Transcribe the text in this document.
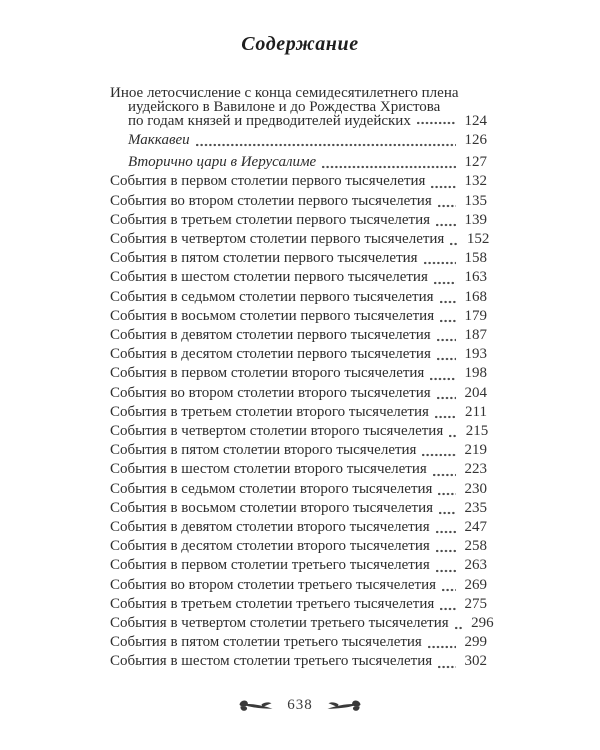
Содержание
Иное летосчисление с конца семидесятилетнего плена
иудейского в Вавилоне и до Рождества Христова
по годам князей и предводителей иудейских	124
Маккавеи	126
Вторично цари в Иерусалиме	127
События в первом столетии первого тысячелетия	132
События во втором столетии первого тысячелетия 135
События в третьем столетии первого тысячелетия 139
События в четвертом столетии первого тысячелетия 152
События в пятом столетии первого тысячелетия	158
События в шестом столетии первого тысячелетия 163
События в седьмом столетии первого тысячелетия 168
События в восьмом столетии первого тысячелетия 179
События в девятом столетии первого тысячелетия 187
События в десятом столетии первого тысячелетия 193
События в первом столетии второго тысячелетия	198
События во втором столетии второго тысячелетия 204
События в третьем столетии второго тысячелетия 211
События в четвертом столетии второго тысячелетия 215
События в пятом столетии второго тысячелетия	219
События в шестом столетии второго тысячелетия	223
События в седьмом столетии второго тысячелетия 230
События в восьмом столетии второго тысячелетия 235
События в девятом столетии второго тысячелетия 247
События в десятом столетии второго тысячелетия 258
События в первом столетии третьего тысячелетия 263
События во втором столетии третьего тысячелетия 269
События в третьем столетии третьего тысячелетия 275
События в четвертом столетии третьего тысячелетия 296
События в пятом столетии третьего тысячелетия	299
События в шестом столетии третьего тысячелетия 302
638
